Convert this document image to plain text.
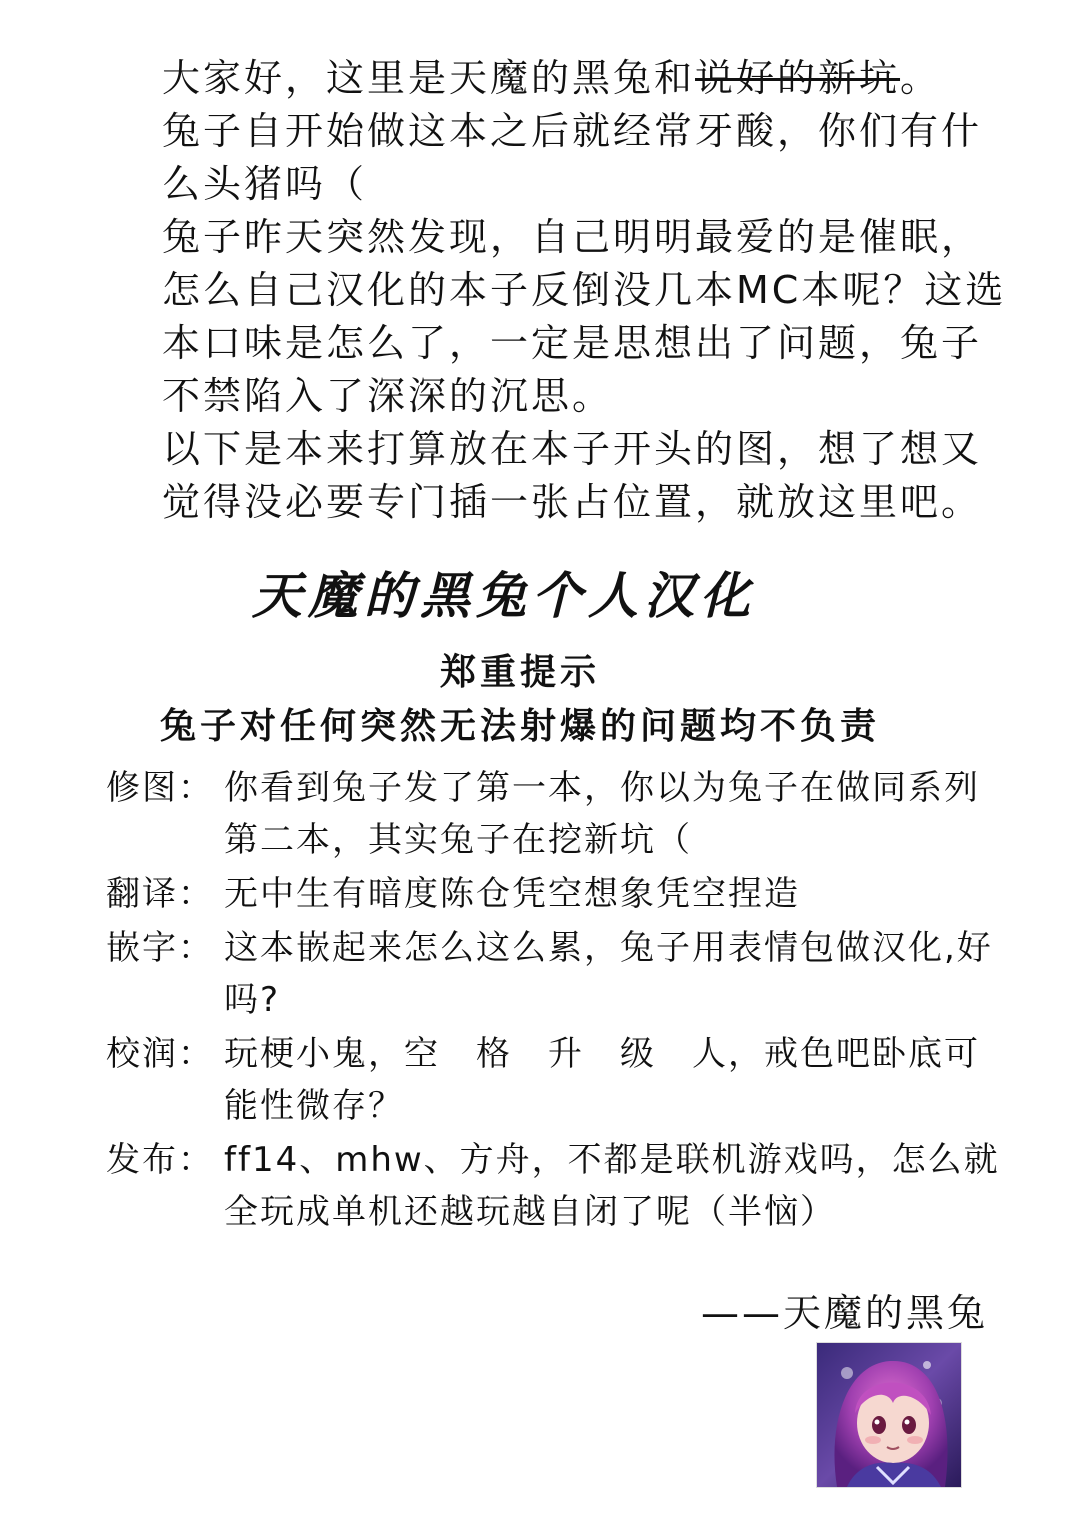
大家好，这里是天魔的黑兔和说好的新坑。

兔子自开始做这本之后就经常牙酸，你们有什么头猪吗（

兔子昨天突然发现，自己明明最爱的是催眠，怎么自己汉化的本子反倒没几本MC本呢？这选本口味是怎么了，一定是思想出了问题，兔子不禁陷入了深深的沉思。

以下是本来打算放在本子开头的图，想了想又觉得没必要专门插一张占位置，就放这里吧。

天魔的黑兔个人汉化
郑重提示
兔子对任何突然无法射爆的问题均不负责
修图： 你看到兔子发了第一本，你以为兔子在做同系列第二本，其实兔子在挖新坑（
翻译： 无中生有暗度陈仓凭空想象凭空捏造
嵌字： 这本嵌起来怎么这么累，兔子用表情包做汉化,好吗?
校润： 玩梗小鬼，空　格　升　级　人，戒色吧卧底可能性微存？
发布： ff14、mhw、方舟，不都是联机游戏吗，怎么就全玩成单机还越玩越自闭了呢（半恼）
——天魔的黑兔
